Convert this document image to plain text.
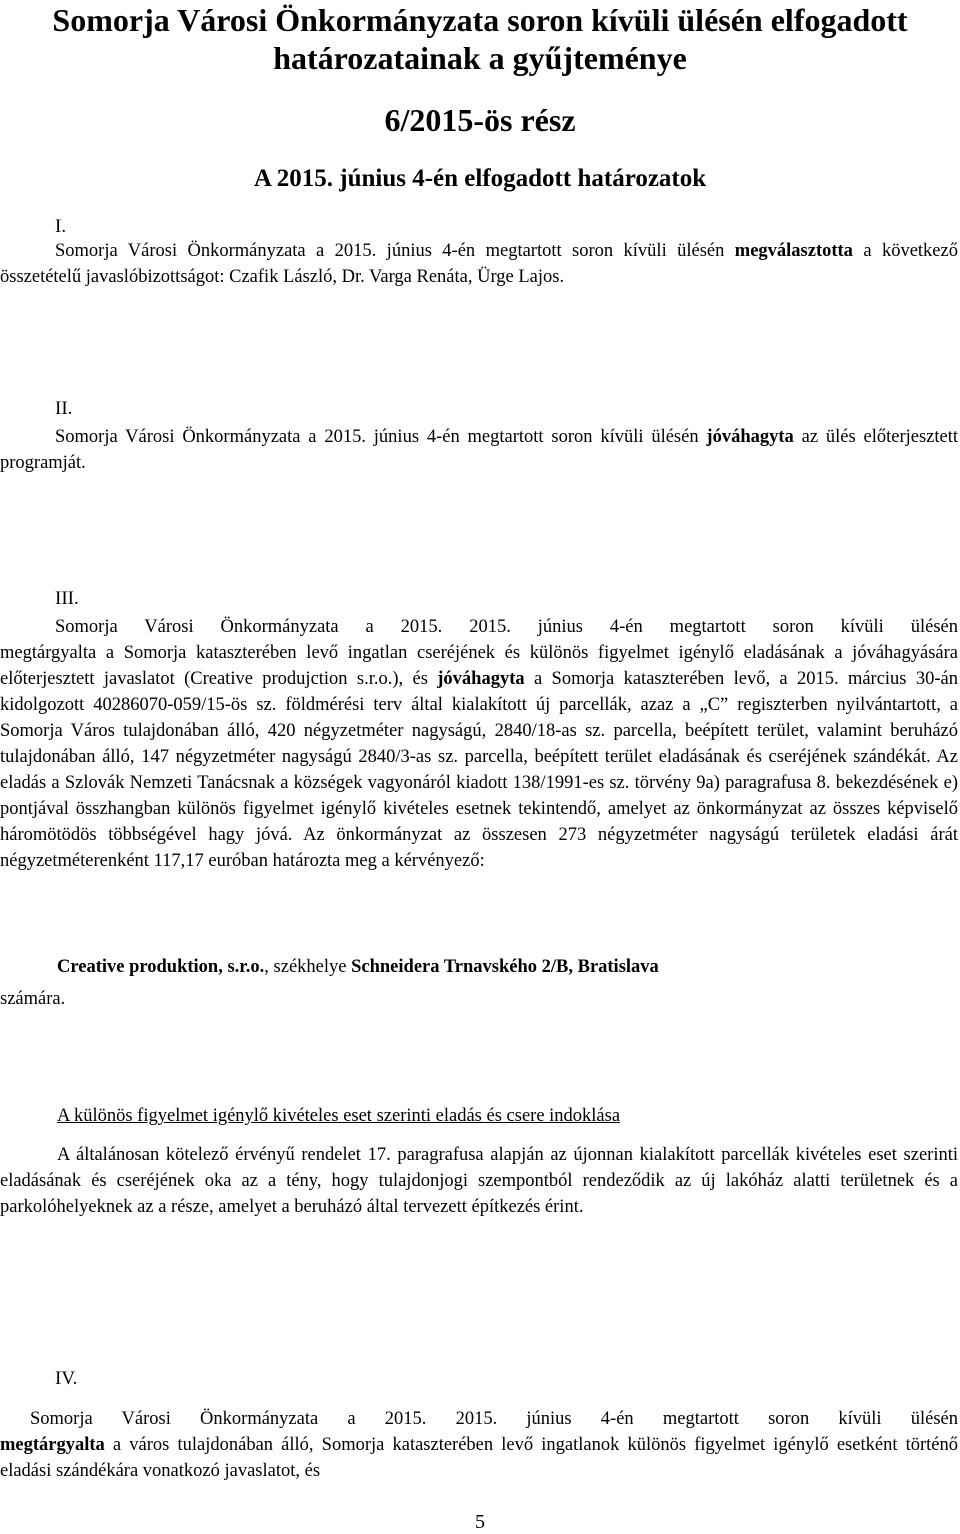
Somorja Városi Önkormányzata soron kívüli ülésén elfogadott
határozatainak a gyűjteménye
6/2015-ös rész
A 2015. június 4-én elfogadott határozatok
I.
Somorja Városi Önkormányzata a 2015. június 4-én megtartott soron kívüli ülésén megválasztotta a következő összetételű javaslóbizottságot: Czafik László, Dr. Varga Renáta, Ürge Lajos.
II.
Somorja Városi Önkormányzata a 2015. június 4-én megtartott soron kívüli ülésén jóváhagyta az ülés előterjesztett programját.
III.
Somorja Városi Önkormányzata a 2015. 2015. június 4-én megtartott soron kívüli ülésén
megtárgyalta a Somorja kataszterében levő ingatlan cseréjének és különös figyelmet igénylő eladásának a jóváhagyására előterjesztett javaslatot (Creative produjction s.r.o.), és jóváhagyta a Somorja kataszterében levő, a 2015. március 30-án kidolgozott 40286070-059/15-ös sz. földmérési terv által kialakított új parcellák, azaz a „C” regiszterben nyilvántartott, a Somorja Város tulajdonában álló, 420 négyzetméter nagyságú, 2840/18-as sz. parcella, beépített terület, valamint beruházó tulajdonában álló, 147 négyzetméter nagyságú 2840/3-as sz. parcella, beépített terület eladásának és cseréjének szándékát. Az eladás a Szlovák Nemzeti Tanácsnak a községek vagyonáról kiadott 138/1991-es sz. törvény 9a) paragrafusa 8. bekezdésének e) pontjával összhangban különös figyelmet igénylő kivételes esetnek tekintendő, amelyet az önkormányzat az összes képviselő háromötödös többségével hagy jóvá. Az önkormányzat az összesen 273 négyzetméter nagyságú területek eladási árát négyzetméterenként 117,17 euróban határozta meg a kérvényező:
Creative produktion, s.r.o., székhelye Schneidera Trnavského 2/B, Bratislava
számára.
A különös figyelmet igénylő kivételes eset szerinti eladás és csere indoklása
A általánosan kötelező érvényű rendelet 17. paragrafusa alapján az újonnan kialakított parcellák kivételes eset szerinti eladásának és cseréjének oka az a tény, hogy tulajdonjogi szempontból rendeződik az új lakóház alatti területnek és a parkolóhelyeknek az a része, amelyet a beruházó által tervezett építkezés érint.
IV.
Somorja Városi Önkormányzata a 2015. 2015. június 4-én megtartott soron kívüli ülésén
megtárgyalta a város tulajdonában álló, Somorja kataszterében levő ingatlanok különös figyelmet igénylő esetként történő eladási szándékára vonatkozó javaslatot, és
5
